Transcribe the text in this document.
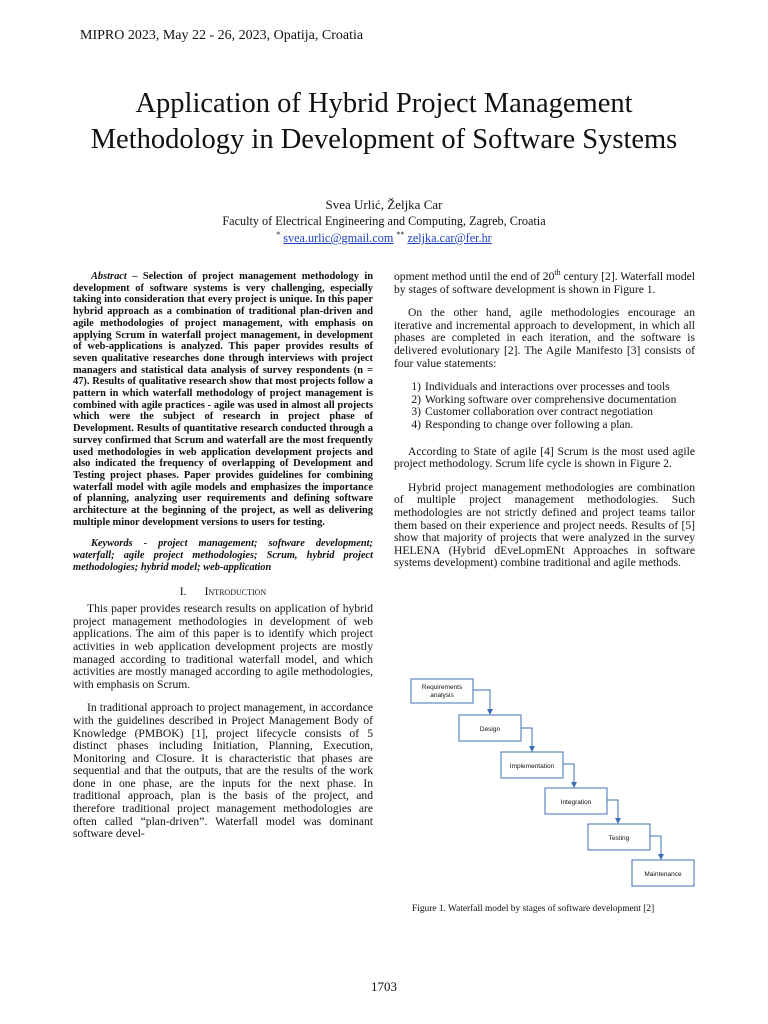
MIPRO 2023, May 22 - 26, 2023, Opatija, Croatia
Application of Hybrid Project Management
Methodology in Development of Software Systems
Svea Urlić, Željka Car
Faculty of Electrical Engineering and Computing, Zagreb, Croatia
* svea.urlic@gmail.com ** zeljka.car@fer.hr

Abstract – Selection of project management methodology in development of software systems is very challenging, especially taking into consideration that every project is unique. In this paper hybrid approach as a combination of traditional plan-driven and agile methodologies of project management, with emphasis on applying Scrum in waterfall project management, in development of web-applications is analyzed. This paper provides results of seven qualitative researches done through interviews with project managers and statistical data analysis of survey respondents (n = 47). Results of qualitative research show that most projects follow a pattern in which waterfall methodology of project management is combined with agile practices - agile was used in almost all projects which were the subject of research in project phase of Development. Results of quantitative research conducted through a survey confirmed that Scrum and waterfall are the most frequently used methodologies in web application development projects and also indicated the frequency of overlapping of Development and Testing project phases. Paper provides guidelines for combining waterfall model with agile models and emphasizes the importance of planning, analyzing user requirements and defining software architecture at the beginning of the project, as well as delivering multiple minor development versions to users for testing.

Keywords - project management; software development; waterfall; agile project methodologies; Scrum, hybrid project methodologies; hybrid model; web-application

I. Introduction

This paper provides research results on application of hybrid project management methodologies in development of web applications. The aim of this paper is to identify which project activities in web application development projects are mostly managed according to traditional waterfall model, and which activities are mostly managed according to agile methodologies, with emphasis on Scrum.

In traditional approach to project management, in accordance with the guidelines described in Project Management Body of Knowledge (PMBOK) [1], project lifecycle consists of 5 distinct phases including Initiation, Planning, Execution, Monitoring and Closure. It is characteristic that phases are sequential and that the outputs, that are the results of the work done in one phase, are the inputs for the next phase. In traditional approach, plan is the basis of the project, and therefore traditional project management methodologies are often called “plan-driven”. Waterfall model was dominant software devel-

opment method until the end of 20th century [2]. Waterfall model by stages of software development is shown in Figure 1.

On the other hand, agile methodologies encourage an iterative and incremental approach to development, in which all phases are completed in each iteration, and the software is delivered evolutionary [2]. The Agile Manifesto [3] consists of four value statements:

1) Individuals and interactions over processes and tools
2) Working software over comprehensive documentation
3) Customer collaboration over contract negotiation
4) Responding to change over following a plan.

According to State of agile [4] Scrum is the most used agile project methodology. Scrum life cycle is shown in Figure 2.

Hybrid project management methodologies are combination of multiple project management methodologies. Such methodologies are not strictly defined and project teams tailor them based on their experience and project needs. Results of [5] show that majority of projects that were analyzed in the survey HELENA (Hybrid dEveLopmENt Approaches in software systems development) combine traditional and agile methods.

Requirements
analysis
Design
Implementation
Integration
Testing
Maintenance
Figure 1. Waterfall model by stages of software development [2]
1703
